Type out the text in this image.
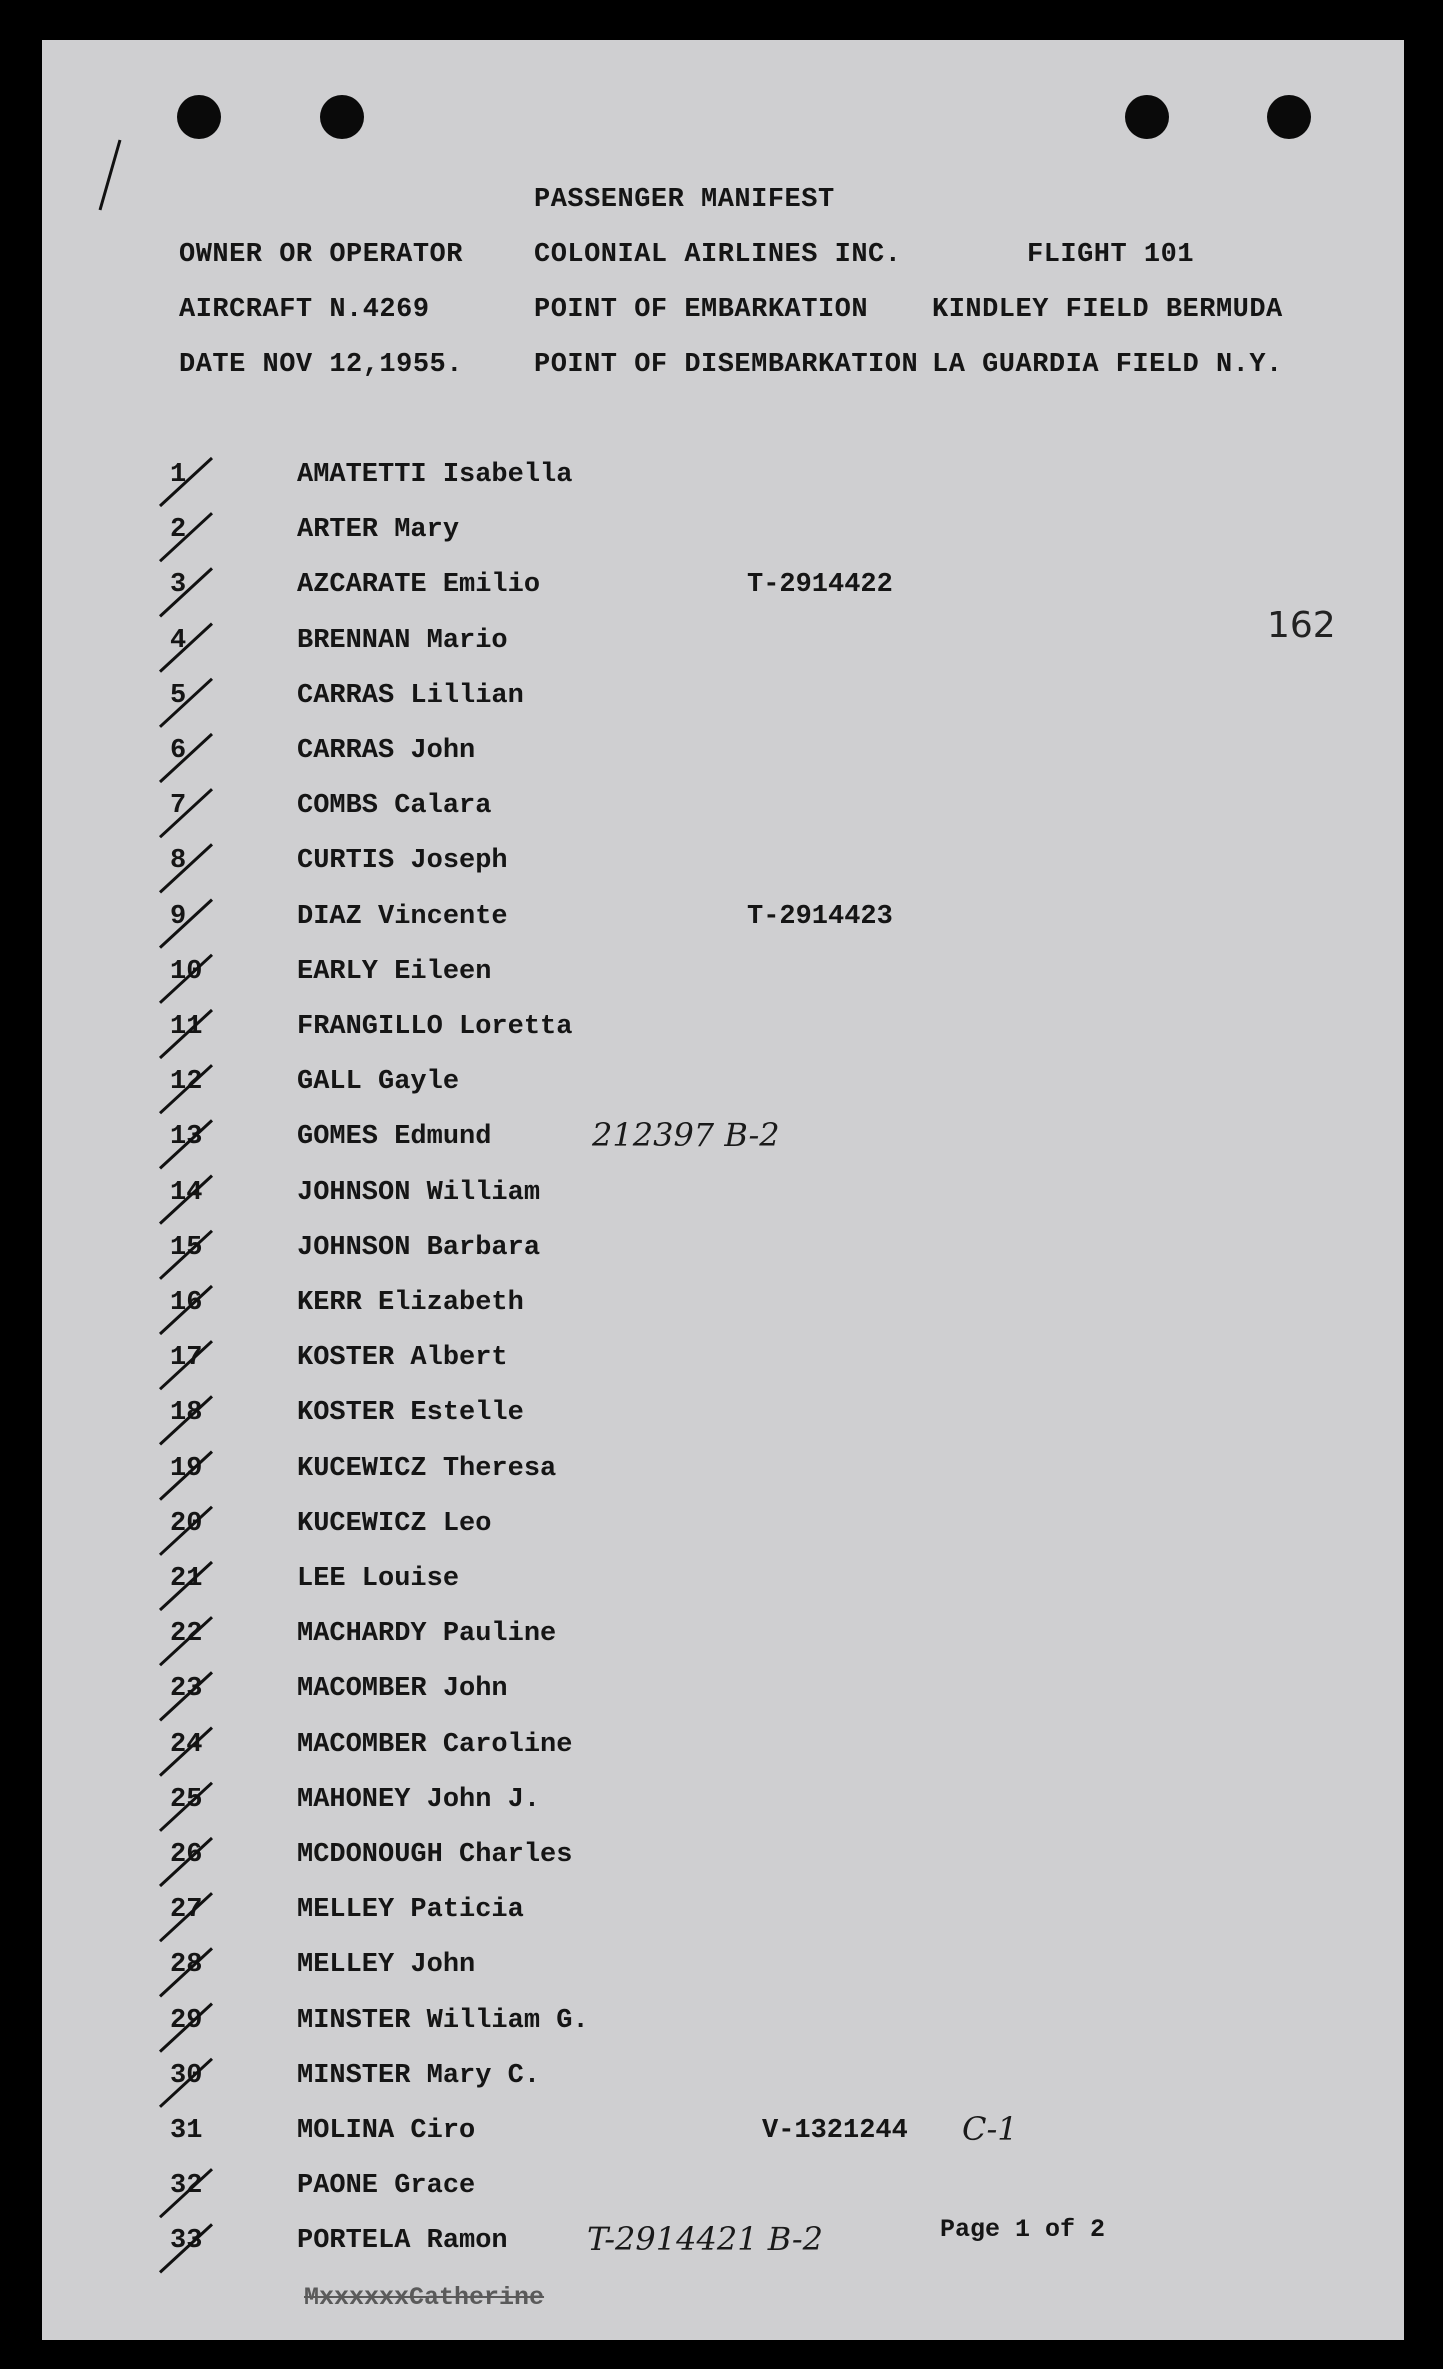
PASSENGER MANIFEST
OWNER OR OPERATOR	COLONIAL AIRLINES INC.	FLIGHT 101
AIRCRAFT N.4269	POINT OF EMBARKATION KINDLEY FIELD BERMUDA
DATE NOV 12,1955.	POINT OF DISEMBARKATION LA GUARDIA FIELD N.Y.
162
1	AMATETTI Isabella
2	ARTER Mary
3	AZCARATE Emilio	T-2914422
4	BRENNAN Mario
5	CARRAS Lillian
6	CARRAS John
7	COMBS Calara
8	CURTIS Joseph
9	DIAZ Vincente	T-2914423
10	EARLY Eileen
11	FRANGILLO Loretta
12	GALL Gayle
13	GOMES Edmund	212397 B-2
14	JOHNSON William
15	JOHNSON Barbara
16	KERR Elizabeth
17	KOSTER Albert
18	KOSTER Estelle
19	KUCEWICZ Theresa
20	KUCEWICZ Leo
21	LEE Louise
22	MACHARDY Pauline
23	MACOMBER John
24	MACOMBER Caroline
25	MAHONEY John J.
26	MCDONOUGH Charles
27	MELLEY Paticia
28	MELLEY John
29	MINSTER William G.
30	MINSTER Mary C.
31	MOLINA Ciro	V-1321244 C-1
32	PAONE Grace
33	PORTELA Ramon T-2914421 B-2	Page 1 of 2
MxxxxxxCatherine
